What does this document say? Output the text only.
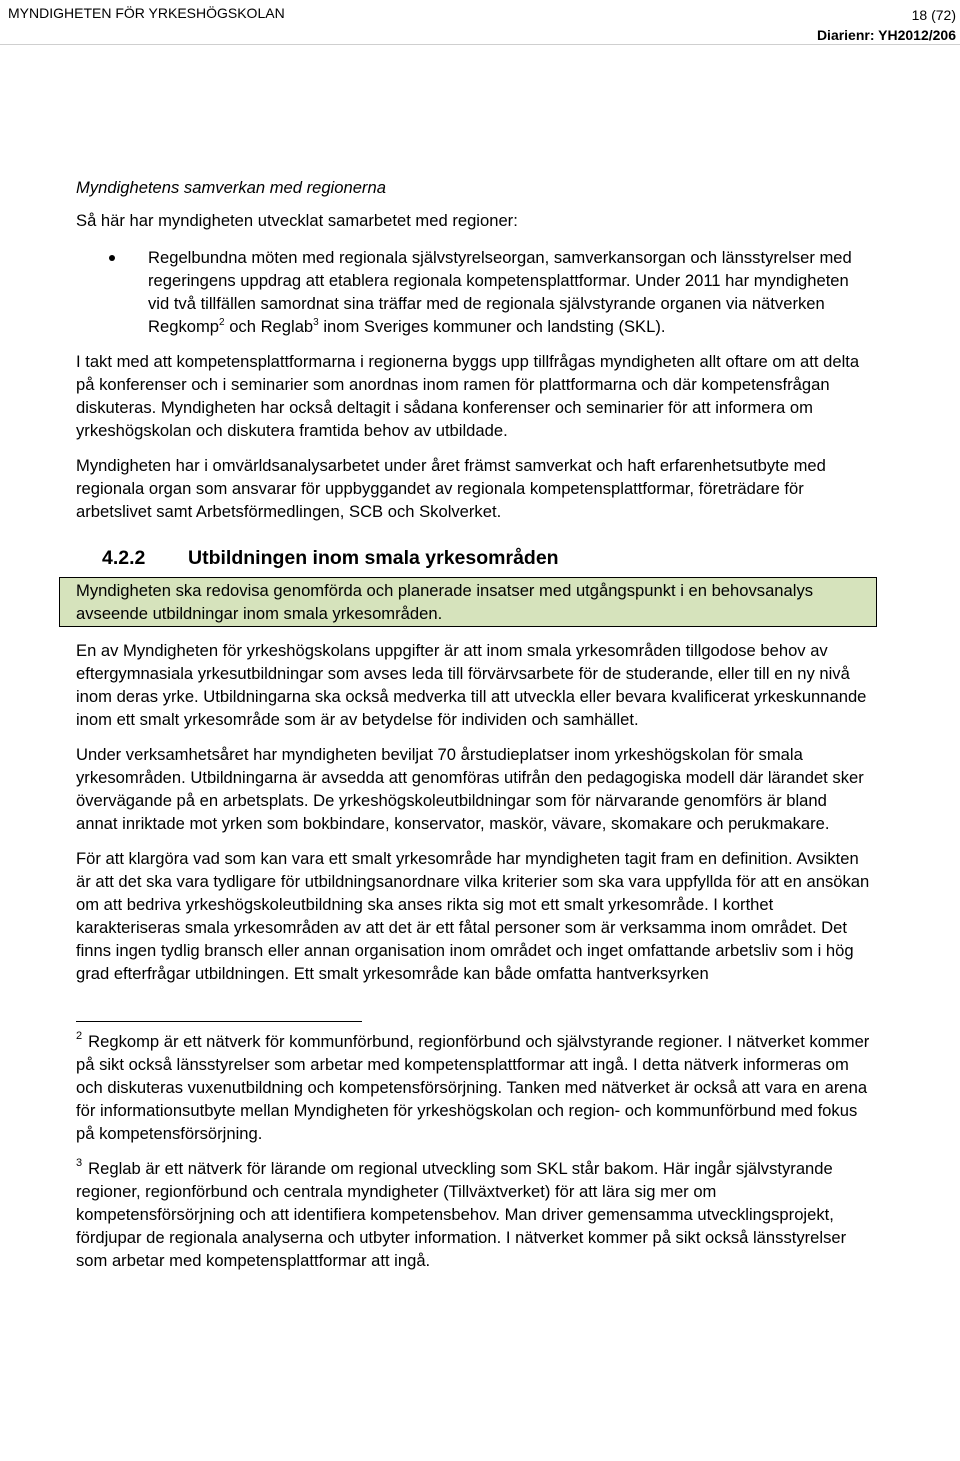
MYNDIGHETEN FÖR YRKESHÖGSKOLAN	18 (72)
Diarienr: YH2012/206

Myndighetens samverkan med regionerna

Så här har myndigheten utvecklat samarbetet med regioner:

Regelbundna möten med regionala självstyrelseorgan, samverkansorgan och länsstyrelser med regeringens uppdrag att etablera regionala kompetensplattformar. Under 2011 har myndigheten vid två tillfällen samordnat sina träffar med de regionala självstyrande organen via nätverken Regkomp$^2$ och Reglab$^3$ inom Sveriges kommuner och landsting (SKL).

I takt med att kompetensplattformarna i regionerna byggs upp tillfrågas myndigheten allt oftare om att delta på konferenser och i seminarier som anordnas inom ramen för plattformarna och där kompetensfrågan diskuteras. Myndigheten har också deltagit i sådana konferenser och seminarier för att informera om yrkeshögskolan och diskutera framtida behov av utbildade.

Myndigheten har i omvärldsanalysarbetet under året främst samverkat och haft erfarenhetsutbyte med regionala organ som ansvarar för uppbyggandet av regionala kompetensplattformar, företrädare för arbetslivet samt Arbetsförmedlingen, SCB och Skolverket.

4.2.2 Utbildningen inom smala yrkesområden
Myndigheten ska redovisa genomförda och planerade insatser med utgångspunkt i en behovsanalys avseende utbildningar inom smala yrkesområden.

En av Myndigheten för yrkeshögskolans uppgifter är att inom smala yrkesområden tillgodose behov av eftergymnasiala yrkesutbildningar som avses leda till förvärvsarbete för de studerande, eller till en ny nivå inom deras yrke. Utbildningarna ska också medverka till att utveckla eller bevara kvalificerat yrkeskunnande inom ett smalt yrkesområde som är av betydelse för individen och samhället.

Under verksamhetsåret har myndigheten beviljat 70 årstudieplatser inom yrkeshögskolan för smala yrkesområden. Utbildningarna är avsedda att genomföras utifrån den pedagogiska modell där lärandet sker övervägande på en arbetsplats. De yrkeshögskoleutbildningar som för närvarande genomförs är bland annat inriktade mot yrken som bokbindare, konservator, maskör, vävare, skomakare och perukmakare.

För att klargöra vad som kan vara ett smalt yrkesområde har myndigheten tagit fram en definition. Avsikten är att det ska vara tydligare för utbildningsanordnare vilka kriterier som ska vara uppfyllda för att en ansökan om att bedriva yrkeshögskoleutbildning ska anses rikta sig mot ett smalt yrkesområde. I korthet karakteriseras smala yrkesområden av att det är ett fåtal personer som är verksamma inom området. Det finns ingen tydlig bransch eller annan organisation inom området och inget omfattande arbetsliv som i hög grad efterfrågar utbildningen. Ett smalt yrkesområde kan både omfatta hantverksyrken

$^2$ Regkomp är ett nätverk för kommunförbund, regionförbund och självstyrande regioner. I nätverket kommer på sikt också länsstyrelser som arbetar med kompetensplattformar att ingå. I detta nätverk informeras om och diskuteras vuxenutbildning och kompetensförsörjning. Tanken med nätverket är också att vara en arena för informationsutbyte mellan Myndigheten för yrkeshögskolan och region- och kommunförbund med fokus på kompetensförsörjning.

$^3$ Reglab är ett nätverk för lärande om regional utveckling som SKL står bakom. Här ingår självstyrande regioner, regionförbund och centrala myndigheter (Tillväxtverket) för att lära sig mer om kompetensförsörjning och att identifiera kompetensbehov. Man driver gemensamma utvecklingsprojekt, fördjupar de regionala analyserna och utbyter information. I nätverket kommer på sikt också länsstyrelser som arbetar med kompetensplattformar att ingå.
